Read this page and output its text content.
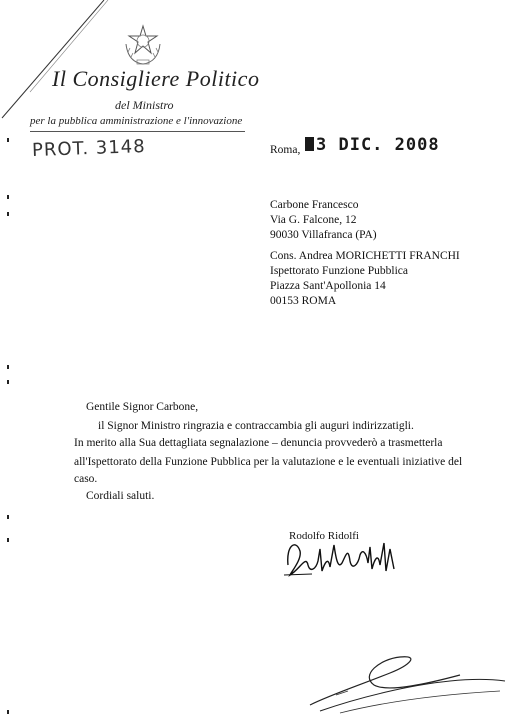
Il Consigliere Politico
del Ministro
per la pubblica amministrazione e l'innovazione
PROT. 3148	Roma, 3 DIC. 2008
Carbone Francesco
Via G. Falcone, 12
90030 Villafranca (PA)
Cons. Andrea MORICHETTI FRANCHI
Ispettorato Funzione Pubblica
Piazza Sant'Apollonia 14
00153 ROMA
Gentile Signor Carbone,
il Signor Ministro ringrazia e contraccambia gli auguri indirizzatigli.
In merito alla Sua dettagliata segnalazione – denuncia provvederò a trasmetterla
all'Ispettorato della Funzione Pubblica per la valutazione e le eventuali iniziative del
caso.
Cordiali saluti.
Rodolfo Ridolfi
